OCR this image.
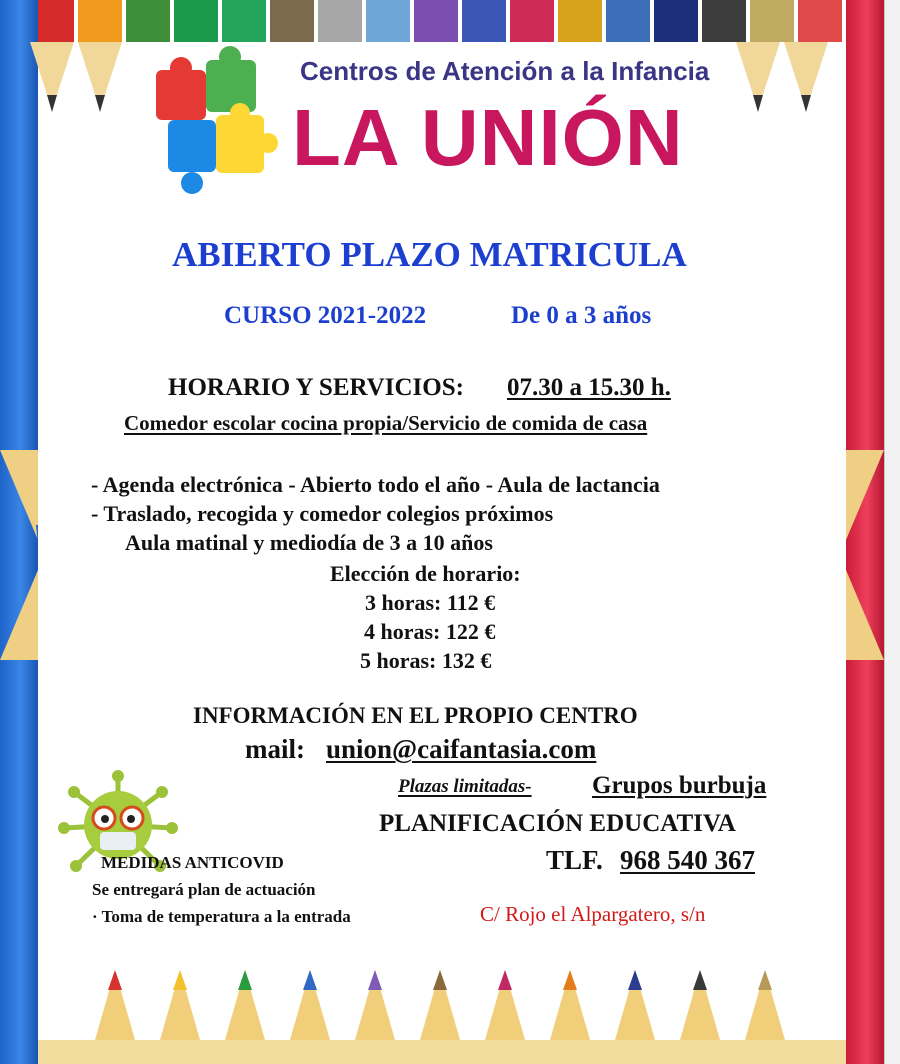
Centros de Atención a la Infancia
LA UNIÓN
ABIERTO PLAZO MATRICULA
CURSO 2021-2022	De 0 a 3 años
HORARIO Y SERVICIOS: 07.30 a 15.30 h.
Comedor escolar cocina propia/Servicio de comida de casa
-
- Agenda electrónica - Abierto todo el año - Aula de lactancia
- Traslado, recogida y comedor colegios próximos
Aula matinal y mediodía de 3 a 10 años
Elección de horario:
3 horas: 112 €
4 horas: 122 €
5 horas: 132 €
INFORMACIÓN EN EL PROPIO CENTRO
mail: union@caifantasia.com
Plazas limitadas- Grupos burbuja
PLANIFICACIÓN EDUCATIVA
TLF. 968 540 367
C/ Rojo el Alpargatero, s/n
MEDIDAS ANTICOVID
Se entregará plan de actuación
· Toma de temperatura a la entrada
